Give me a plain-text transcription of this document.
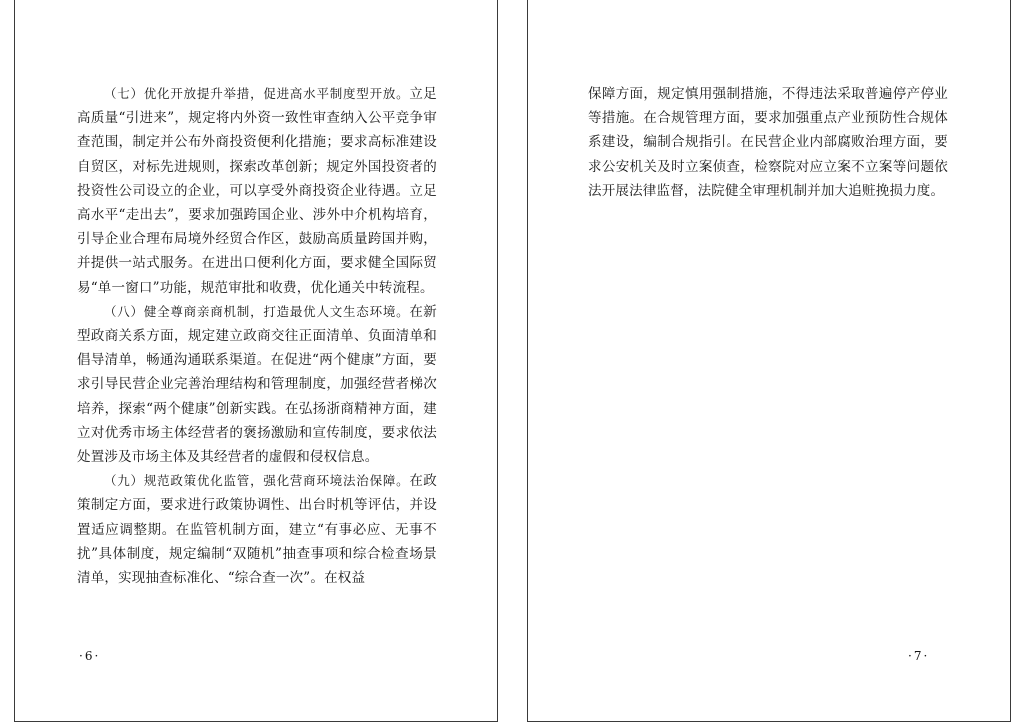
（七）优化开放提升举措，促进高水平制度型开放。立足高质量“引进来”，规定将内外资一致性审查纳入公平竞争审查范围，制定并公布外商投资便利化措施；要求高标准建设自贸区，对标先进规则，探索改革创新；规定外国投资者的投资性公司设立的企业，可以享受外商投资企业待遇。立足高水平“走出去”，要求加强跨国企业、涉外中介机构培育，引导企业合理布局境外经贸合作区，鼓励高质量跨国并购，并提供一站式服务。在进出口便利化方面，要求健全国际贸易“单一窗口”功能，规范审批和收费，优化通关中转流程。

（八）健全尊商亲商机制，打造最优人文生态环境。在新型政商关系方面，规定建立政商交往正面清单、负面清单和倡导清单，畅通沟通联系渠道。在促进“两个健康”方面，要求引导民营企业完善治理结构和管理制度，加强经营者梯次培养，探索“两个健康”创新实践。在弘扬浙商精神方面，建立对优秀市场主体经营者的褒扬激励和宣传制度，要求依法处置涉及市场主体及其经营者的虚假和侵权信息。

（九）规范政策优化监管，强化营商环境法治保障。在政策制定方面，要求进行政策协调性、出台时机等评估，并设置适应调整期。在监管机制方面，建立“有事必应、无事不扰”具体制度，规定编制“双随机”抽查事项和综合检查场景清单，实现抽查标准化、“综合查一次”。在权益

·6·

保障方面，规定慎用强制措施，不得违法采取普遍停产停业等措施。在合规管理方面，要求加强重点产业预防性合规体系建设，编制合规指引。在民营企业内部腐败治理方面，要求公安机关及时立案侦查，检察院对应立案不立案等问题依法开展法律监督，法院健全审理机制并加大追赃挽损力度。

·7·
